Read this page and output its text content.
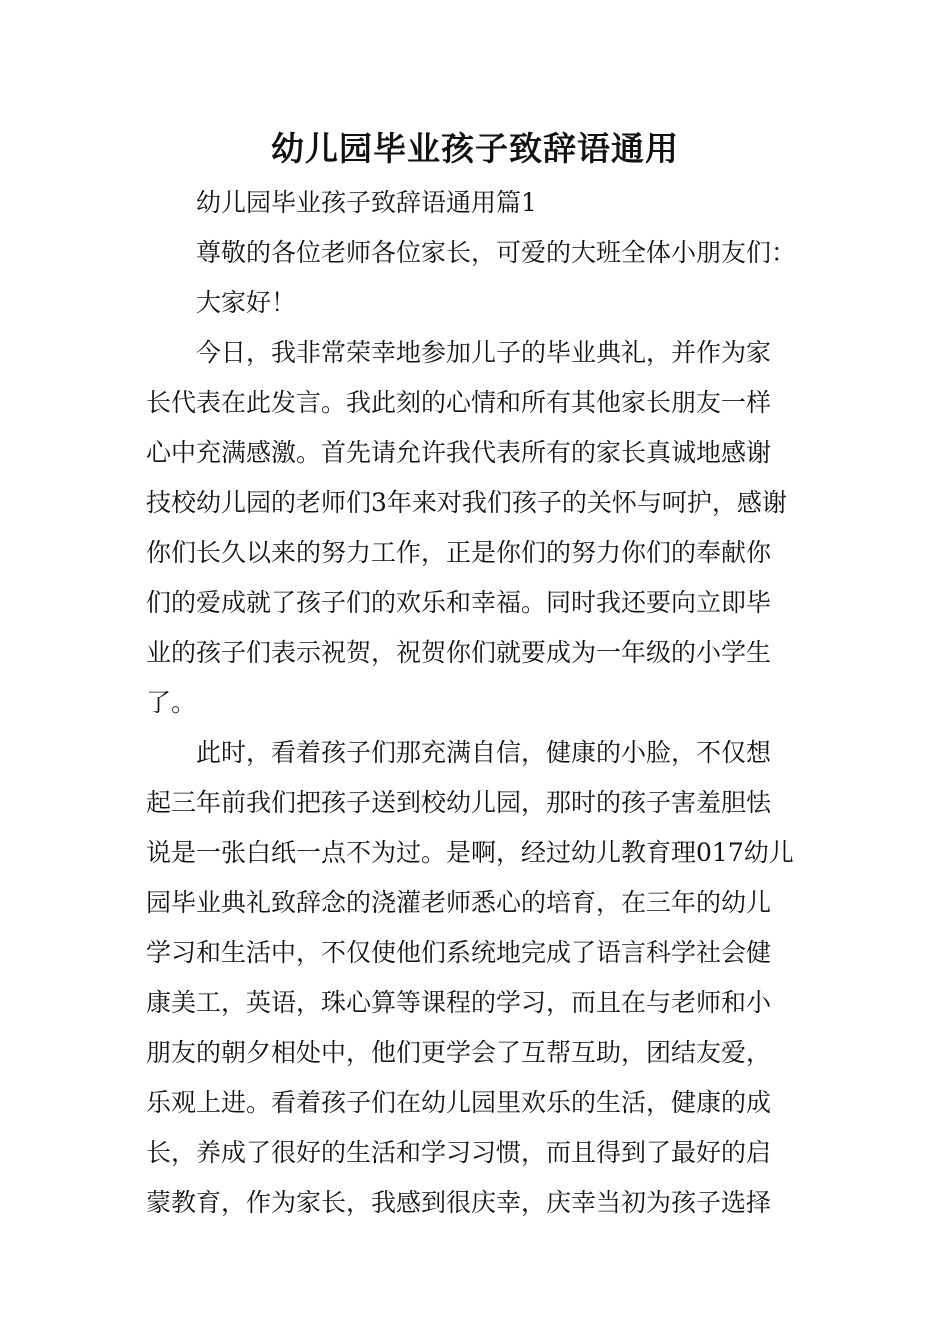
幼儿园毕业孩子致辞语通用
幼儿园毕业孩子致辞语通用篇1
尊敬的各位老师各位家长，可爱的大班全体小朋友们：
大家好！
今日，我非常荣幸地参加儿子的毕业典礼，并作为家
长代表在此发言。我此刻的心情和所有其他家长朋友一样
心中充满感激。首先请允许我代表所有的家长真诚地感谢
技校幼儿园的老师们3年来对我们孩子的关怀与呵护，感谢
你们长久以来的努力工作，正是你们的努力你们的奉献你
们的爱成就了孩子们的欢乐和幸福。同时我还要向立即毕
业的孩子们表示祝贺，祝贺你们就要成为一年级的小学生
了。
此时，看着孩子们那充满自信，健康的小脸，不仅想
起三年前我们把孩子送到校幼儿园，那时的孩子害羞胆怯
说是一张白纸一点不为过。是啊，经过幼儿教育理017幼儿
园毕业典礼致辞念的浇灌老师悉心的培育，在三年的幼儿
学习和生活中，不仅使他们系统地完成了语言科学社会健
康美工，英语，珠心算等课程的学习，而且在与老师和小
朋友的朝夕相处中，他们更学会了互帮互助，团结友爱，
乐观上进。看着孩子们在幼儿园里欢乐的生活，健康的成
长，养成了很好的生活和学习习惯，而且得到了最好的启
蒙教育，作为家长，我感到很庆幸，庆幸当初为孩子选择
